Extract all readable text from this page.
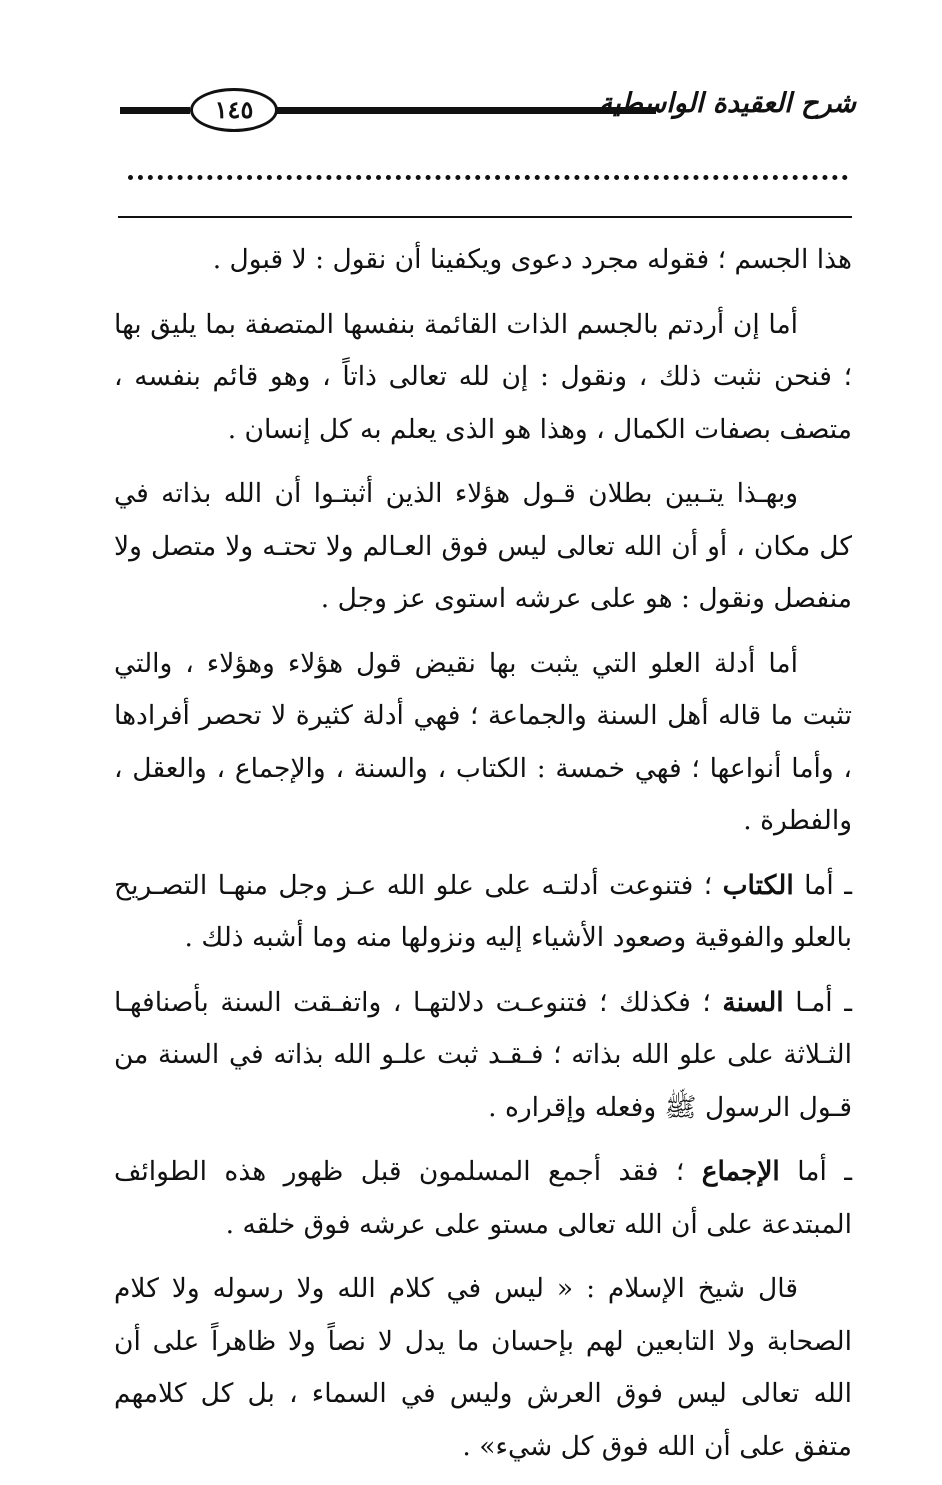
١٤٥	شرح العقيدة الواسطية

هذا الجسم ؛ فقوله مجرد دعوى ويكفينا أن نقول : لا قبول .

أما إن أردتم بالجسم الذات القائمة بنفسها المتصفة بما يليق بها ؛ فنحن نثبت ذلك ، ونقول : إن لله تعالى ذاتاً ، وهو قائم بنفسه ، متصف بصفات الكمال ، وهذا هو الذى يعلم به كل إنسان .

وبهـذا يتـبين بطلان قـول هؤلاء الذين أثبتـوا أن الله بذاته في كل مكان ، أو أن الله تعالى ليس فوق العـالم ولا تحتـه ولا متصل ولا منفصل ونقول : هو على عرشه استوى عز وجل .

أما أدلة العلو التي يثبت بها نقيض قول هؤلاء وهؤلاء ، والتي تثبت ما قاله أهل السنة والجماعة ؛ فهي أدلة كثيرة لا تحصر أفرادها ، وأما أنواعها ؛ فهي خمسة : الكتاب ، والسنة ، والإجماع ، والعقل ، والفطرة .

ـ أما الكتاب ؛ فتنوعت أدلتـه على علو الله عـز وجل منهـا التصـريح بالعلو والفوقية وصعود الأشياء إليه ونزولها منه وما أشبه ذلك .

ـ أمـا السنة ؛ فكذلك ؛ فتنوعـت دلالتهـا ، واتفـقت السنة بأصنافهـا الثـلاثة على علو الله بذاته ؛ فـقـد ثبت علـو الله بذاته في السنة من قـول الرسول ﷺ وفعله وإقراره .

ـ أما الإجماع ؛ فقد أجمع المسلمون قبل ظهور هذه الطوائف المبتدعة على أن الله تعالى مستو على عرشه فوق خلقه .

قال شيخ الإسلام : « ليس في كلام الله ولا رسوله ولا كلام الصحابة ولا التابعين لهم بإحسان ما يدل لا نصاً ولا ظاهراً على أن الله تعالى ليس فوق العرش وليس في السماء ، بل كل كلامهم متفق على أن الله فوق كل شيء» .
